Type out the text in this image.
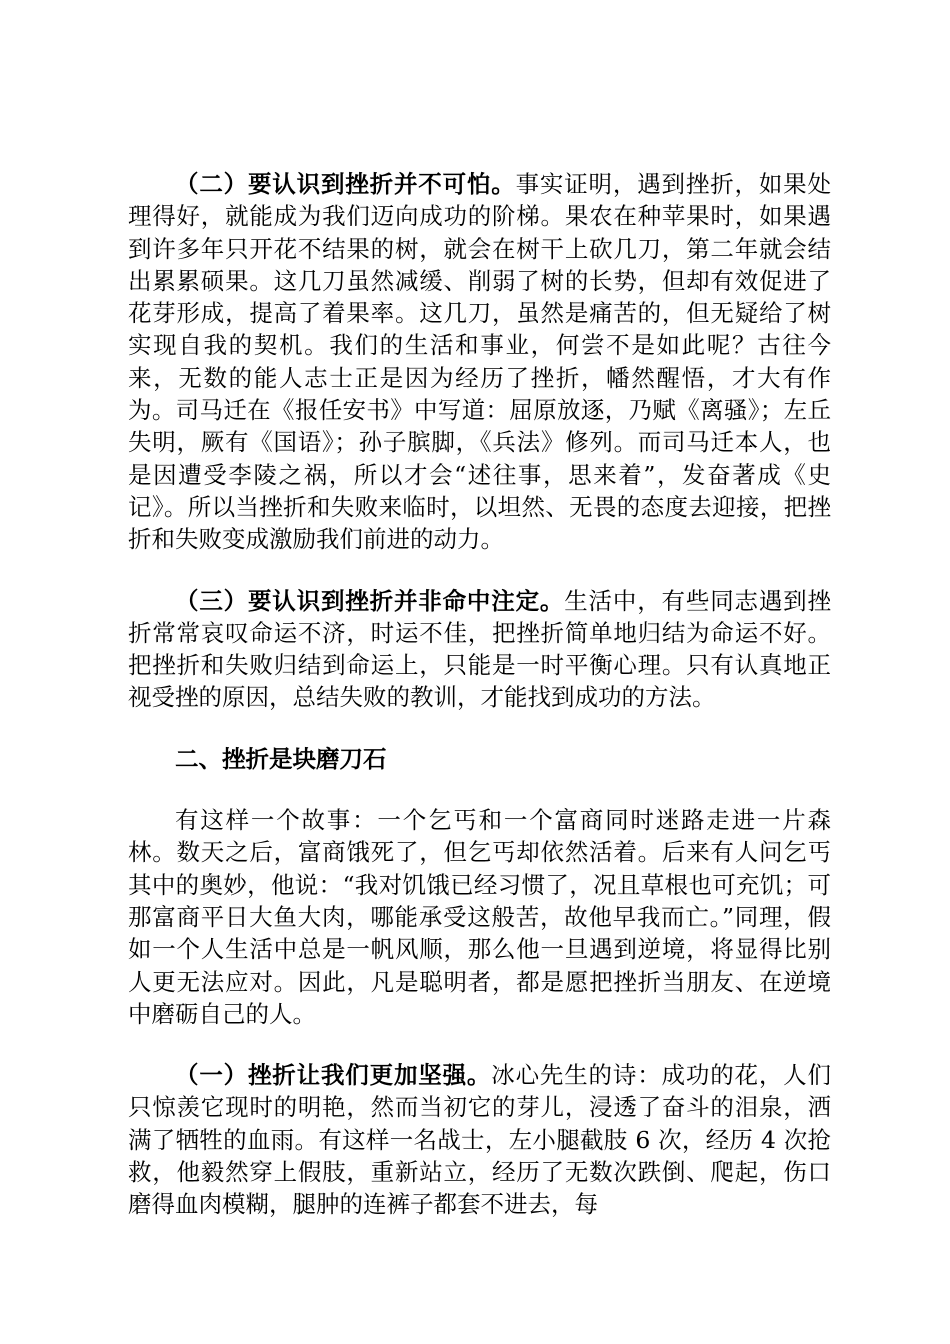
（二）要认识到挫折并不可怕。事实证明，遇到挫折，如果处理得好，就能成为我们迈向成功的阶梯。果农在种苹果时，如果遇到许多年只开花不结果的树，就会在树干上砍几刀，第二年就会结出累累硕果。这几刀虽然减缓、削弱了树的长势，但却有效促进了花芽形成，提高了着果率。这几刀，虽然是痛苦的，但无疑给了树实现自我的契机。我们的生活和事业，何尝不是如此呢？古往今来，无数的能人志士正是因为经历了挫折，幡然醒悟，才大有作为。司马迁在《报任安书》中写道：屈原放逐，乃赋《离骚》；左丘失明，厥有《国语》；孙子膑脚，《兵法》修列。而司马迁本人，也是因遭受李陵之祸，所以才会“述往事，思来着”，发奋著成《史记》。所以当挫折和失败来临时，以坦然、无畏的态度去迎接，把挫折和失败变成激励我们前进的动力。

（三）要认识到挫折并非命中注定。生活中，有些同志遇到挫折常常哀叹命运不济，时运不佳，把挫折简单地归结为命运不好。把挫折和失败归结到命运上，只能是一时平衡心理。只有认真地正视受挫的原因，总结失败的教训，才能找到成功的方法。

二、挫折是块磨刀石

有这样一个故事：一个乞丐和一个富商同时迷路走进一片森林。数天之后，富商饿死了，但乞丐却依然活着。后来有人问乞丐其中的奥妙，他说：“我对饥饿已经习惯了，况且草根也可充饥；可那富商平日大鱼大肉，哪能承受这般苦，故他早我而亡。”同理，假如一个人生活中总是一帆风顺，那么他一旦遇到逆境，将显得比别人更无法应对。因此，凡是聪明者，都是愿把挫折当朋友、在逆境中磨砺自己的人。

（一）挫折让我们更加坚强。冰心先生的诗：成功的花，人们只惊羡它现时的明艳，然而当初它的芽儿，浸透了奋斗的泪泉，洒满了牺牲的血雨。有这样一名战士，左小腿截肢 6 次，经历 4 次抢救，他毅然穿上假肢，重新站立，经历了无数次跌倒、爬起，伤口磨得血肉模糊，腿肿的连裤子都套不进去，每
